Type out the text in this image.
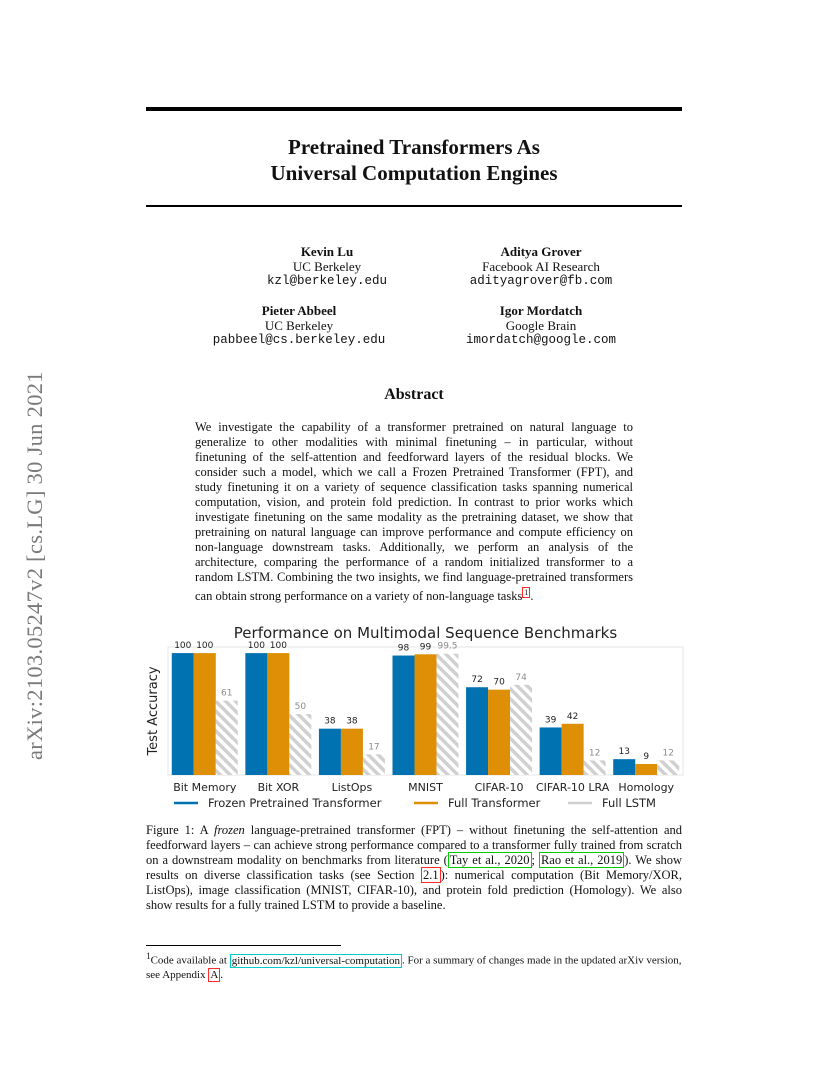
arXiv:2103.05247v2 [cs.LG] 30 Jun 2021
Pretrained Transformers As
Universal Computation Engines
Kevin Lu
UC Berkeley
kzl@berkeley.edu
Aditya Grover
Facebook AI Research
adityagrover@fb.com
Pieter Abbeel
UC Berkeley
pabbeel@cs.berkeley.edu
Igor Mordatch
Google Brain
imordatch@google.com
Abstract
We investigate the capability of a transformer pretrained on natural language to generalize to other modalities with minimal finetuning – in particular, without finetuning of the self-attention and feedforward layers of the residual blocks. We consider such a model, which we call a Frozen Pretrained Transformer (FPT), and study finetuning it on a variety of sequence classification tasks spanning numerical computation, vision, and protein fold prediction. In contrast to prior works which investigate finetuning on the same modality as the pretraining dataset, we show that pretraining on natural language can improve performance and compute efficiency on non-language downstream tasks. Additionally, we perform an analysis of the architecture, comparing the performance of a random initialized transformer to a random LSTM. Combining the two insights, we find language-pretrained transformers can obtain strong performance on a variety of non-language tasks $^1$ .
Performance on Multimodal Sequence Benchmarks
Test Accuracy
100 100
61
Bit Memory
100 100
50
Bit XOR
38 38
17
ListOps
98 99 99.5
MNIST
72 70 74
CIFAR-10
39 42
12
CIFAR-10 LRA
13 9 12
Homology
Frozen Pretrained Transformer	Full Transformer	Full LSTM
Figure 1: A frozen language-pretrained transformer (FPT) – without finetuning the self-attention and feedforward layers – can achieve strong performance compared to a transformer fully trained from scratch on a downstream modality on benchmarks from literature ( Tay et al., 2020 ; Rao et al., 2019 ). We show results on diverse classification tasks (see Section 2.1 ): numerical computation (Bit Memory/XOR, ListOps), image classification (MNIST, CIFAR-10), and protein fold prediction (Homology). We also show results for a fully trained LSTM to provide a baseline.
$^1$Code available at github.com/kzl/universal-computation . For a summary of changes made in the updated arXiv version, see Appendix A .
